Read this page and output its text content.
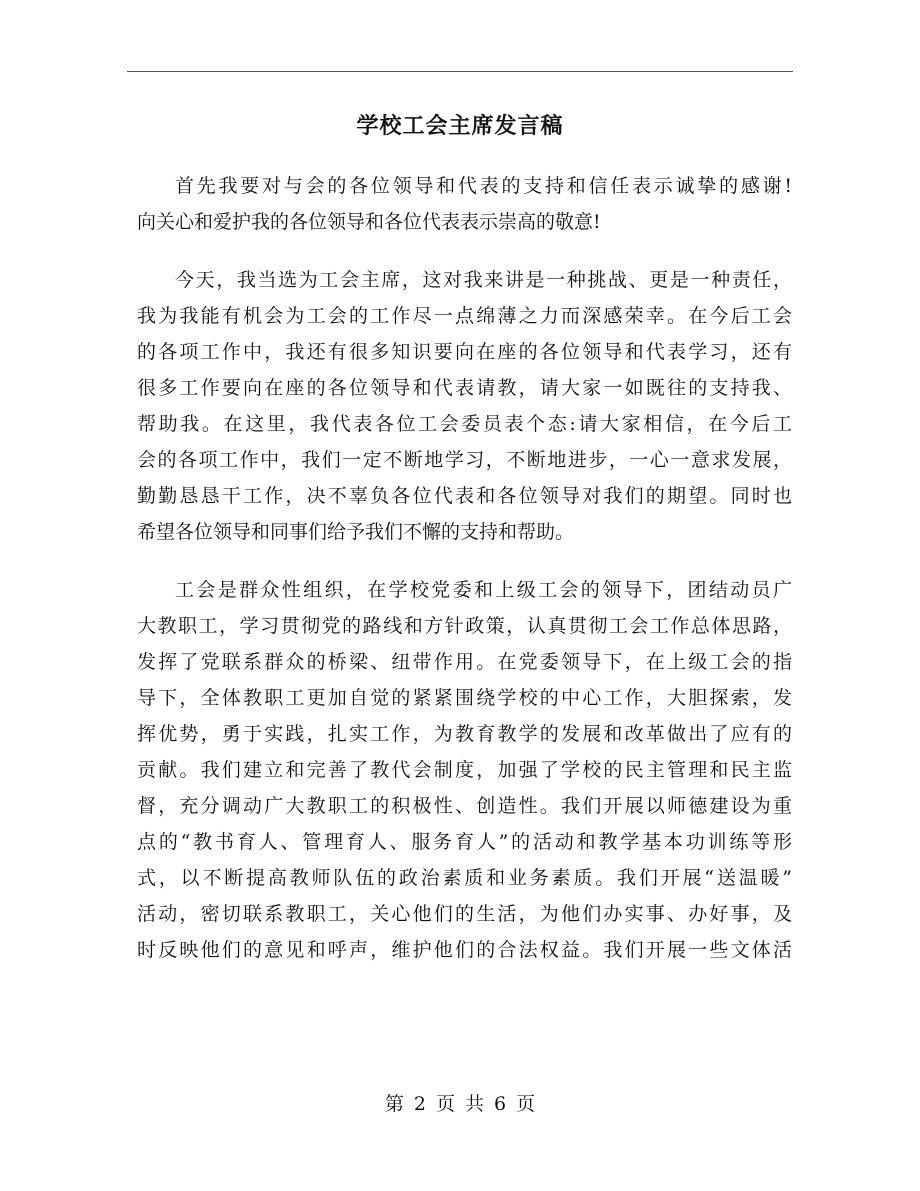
学校工会主席发言稿
首先我要对与会的各位领导和代表的支持和信任表示诚挚的感谢!
向关心和爱护我的各位领导和各位代表表示崇高的敬意!
今天，我当选为工会主席，这对我来讲是一种挑战、更是一种责任，
我为我能有机会为工会的工作尽一点绵薄之力而深感荣幸。在今后工会
的各项工作中，我还有很多知识要向在座的各位领导和代表学习，还有
很多工作要向在座的各位领导和代表请教，请大家一如既往的支持我、
帮助我。在这里，我代表各位工会委员表个态:请大家相信，在今后工
会的各项工作中，我们一定不断地学习，不断地进步，一心一意求发展，
勤勤恳恳干工作，决不辜负各位代表和各位领导对我们的期望。同时也
希望各位领导和同事们给予我们不懈的支持和帮助。
工会是群众性组织，在学校党委和上级工会的领导下，团结动员广
大教职工，学习贯彻党的路线和方针政策，认真贯彻工会工作总体思路，
发挥了党联系群众的桥梁、纽带作用。在党委领导下，在上级工会的指
导下，全体教职工更加自觉的紧紧围绕学校的中心工作，大胆探索，发
挥优势，勇于实践，扎实工作，为教育教学的发展和改革做出了应有的
贡献。我们建立和完善了教代会制度，加强了学校的民主管理和民主监
督，充分调动广大教职工的积极性、创造性。我们开展以师德建设为重
点的“教书育人、管理育人、服务育人”的活动和教学基本功训练等形
式，以不断提高教师队伍的政治素质和业务素质。我们开展“送温暖”
活动，密切联系教职工，关心他们的生活，为他们办实事、办好事，及
时反映他们的意见和呼声，维护他们的合法权益。我们开展一些文体活
第 2 页 共 6 页
